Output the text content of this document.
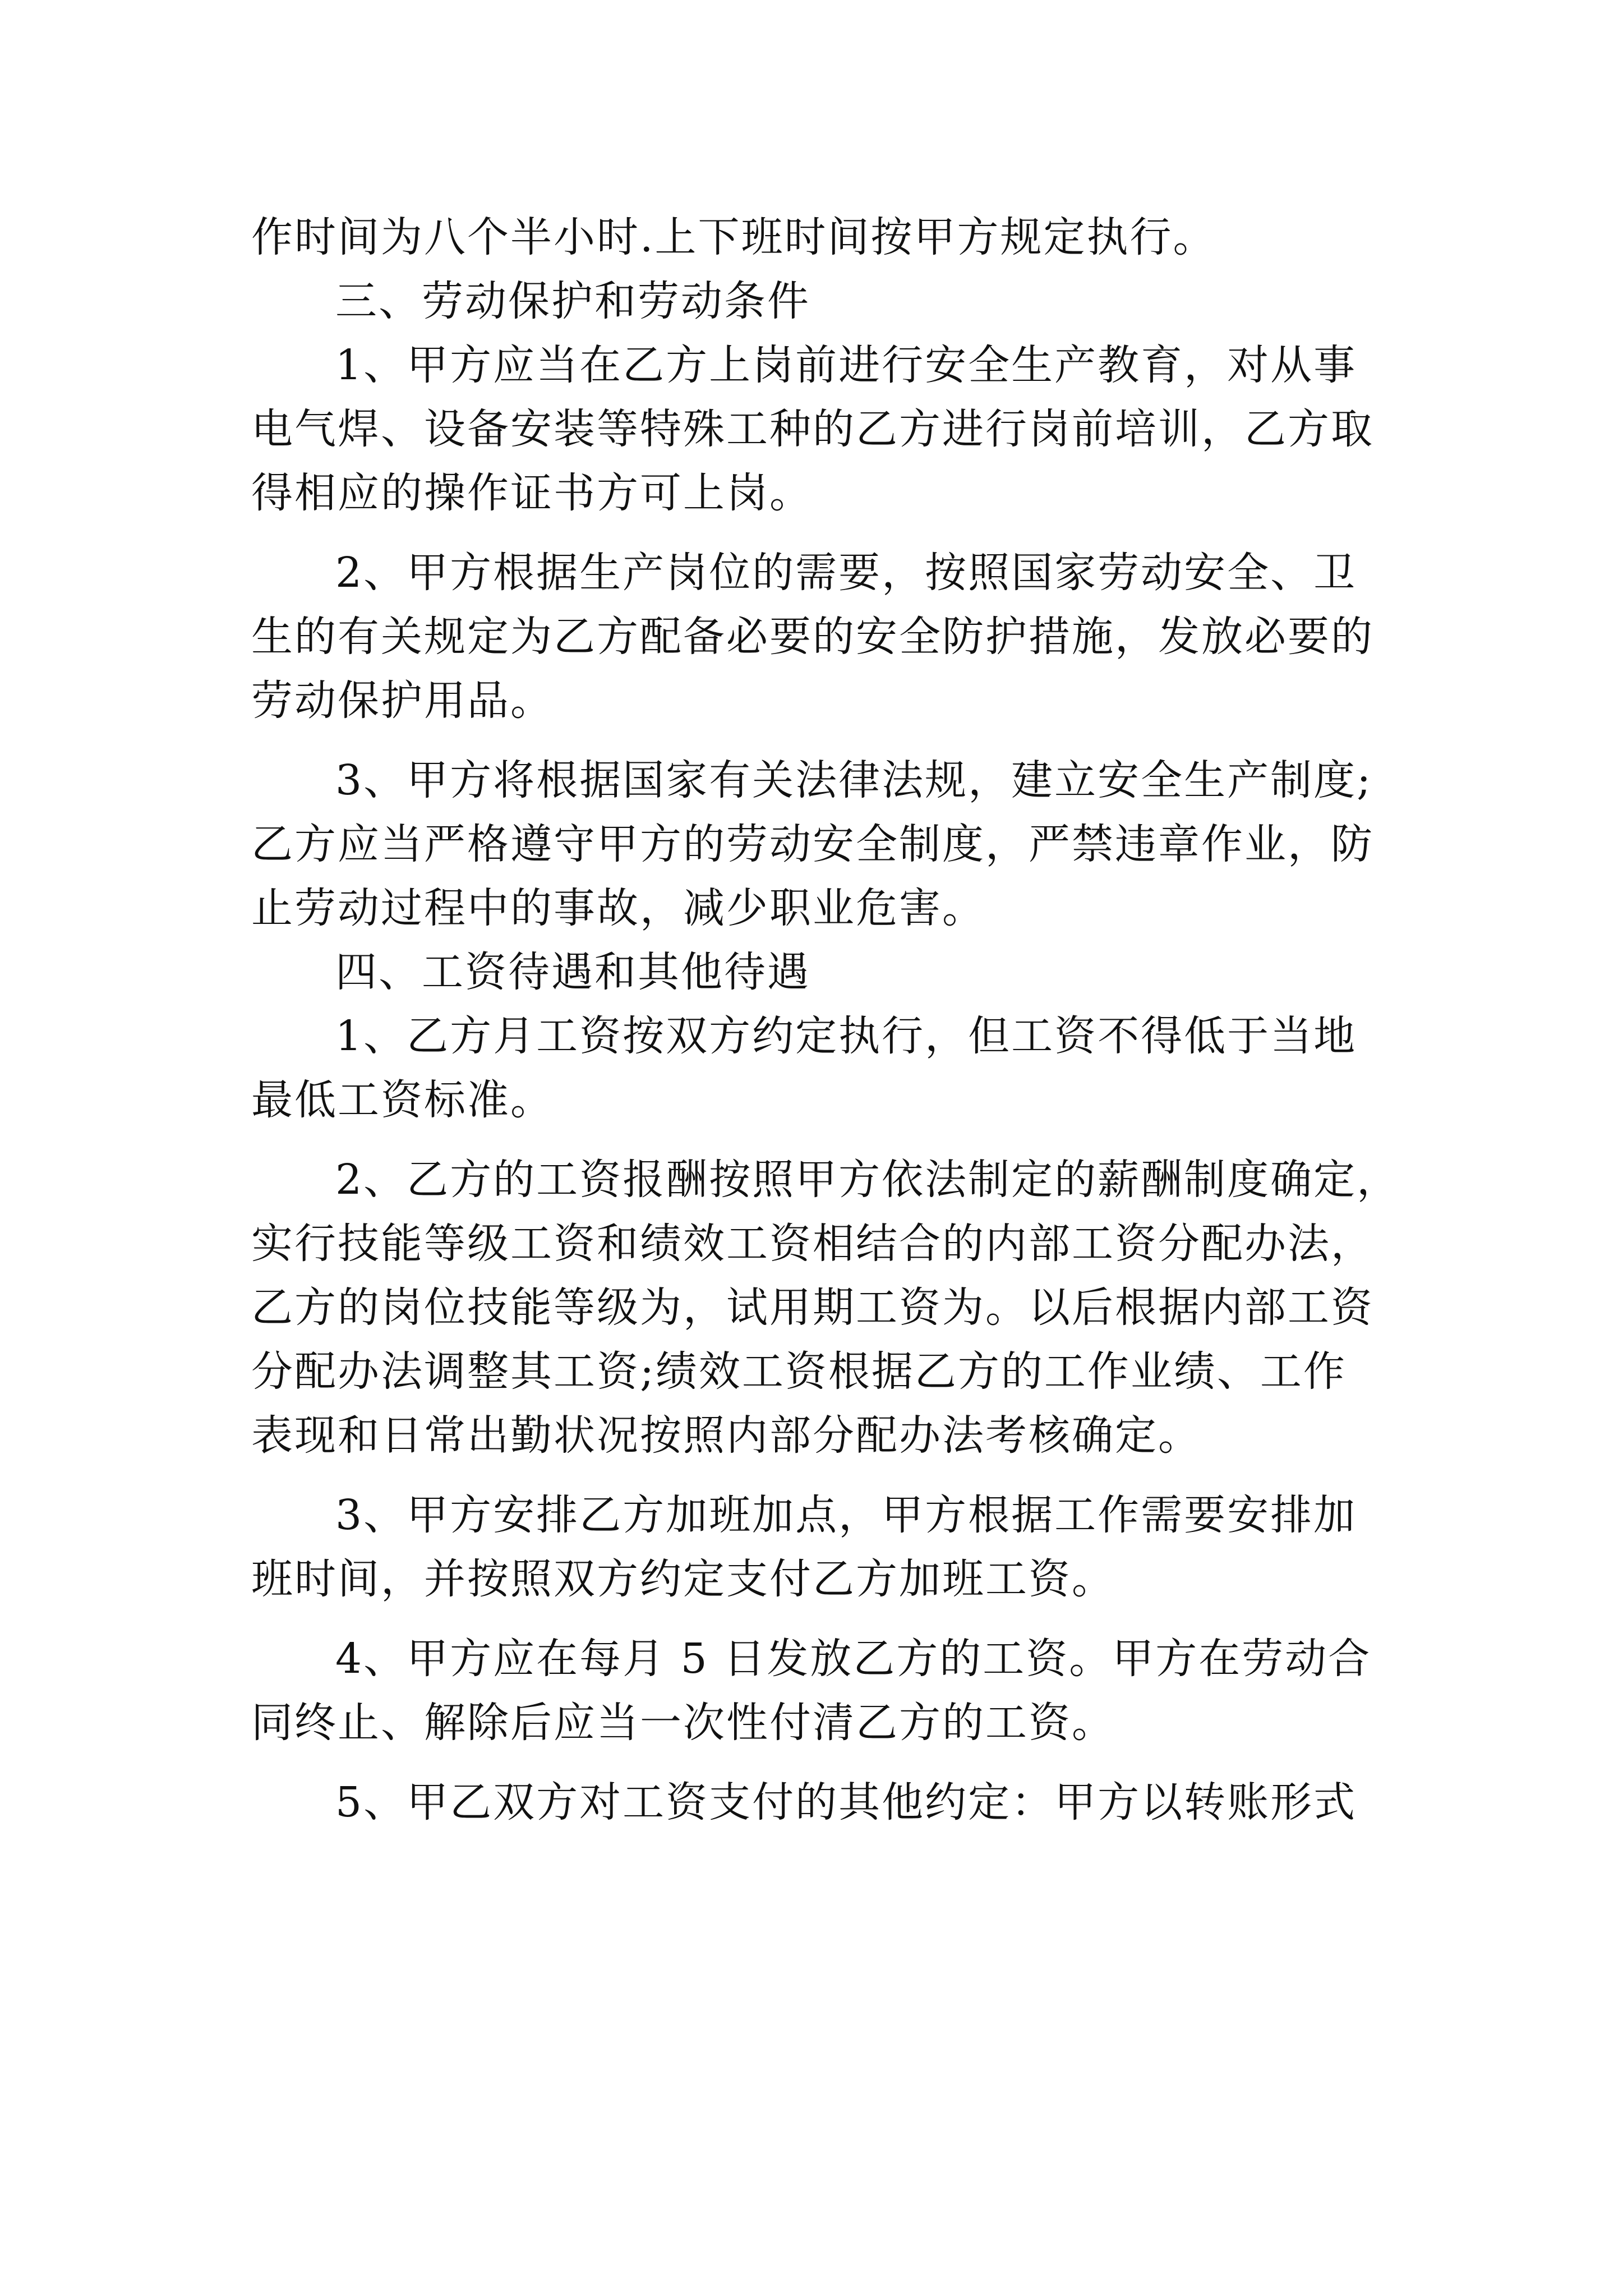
作时间为八个半小时.上下班时间按甲方规定执行。
三、劳动保护和劳动条件
1、甲方应当在乙方上岗前进行安全生产教育，对从事
电气焊、设备安装等特殊工种的乙方进行岗前培训，乙方取
得相应的操作证书方可上岗。
2、甲方根据生产岗位的需要，按照国家劳动安全、卫
生的有关规定为乙方配备必要的安全防护措施，发放必要的
劳动保护用品。
3、甲方将根据国家有关法律法规，建立安全生产制度;
乙方应当严格遵守甲方的劳动安全制度，严禁违章作业，防
止劳动过程中的事故，减少职业危害。
四、工资待遇和其他待遇
1、乙方月工资按双方约定执行，但工资不得低于当地
最低工资标准。
2、乙方的工资报酬按照甲方依法制定的薪酬制度确定，
实行技能等级工资和绩效工资相结合的内部工资分配办法，
乙方的岗位技能等级为，试用期工资为。以后根据内部工资
分配办法调整其工资;绩效工资根据乙方的工作业绩、工作
表现和日常出勤状况按照内部分配办法考核确定。
3、甲方安排乙方加班加点，甲方根据工作需要安排加
班时间，并按照双方约定支付乙方加班工资。
4、甲方应在每月 5 日发放乙方的工资。甲方在劳动合
同终止、解除后应当一次性付清乙方的工资。
5、甲乙双方对工资支付的其他约定：甲方以转账形式
